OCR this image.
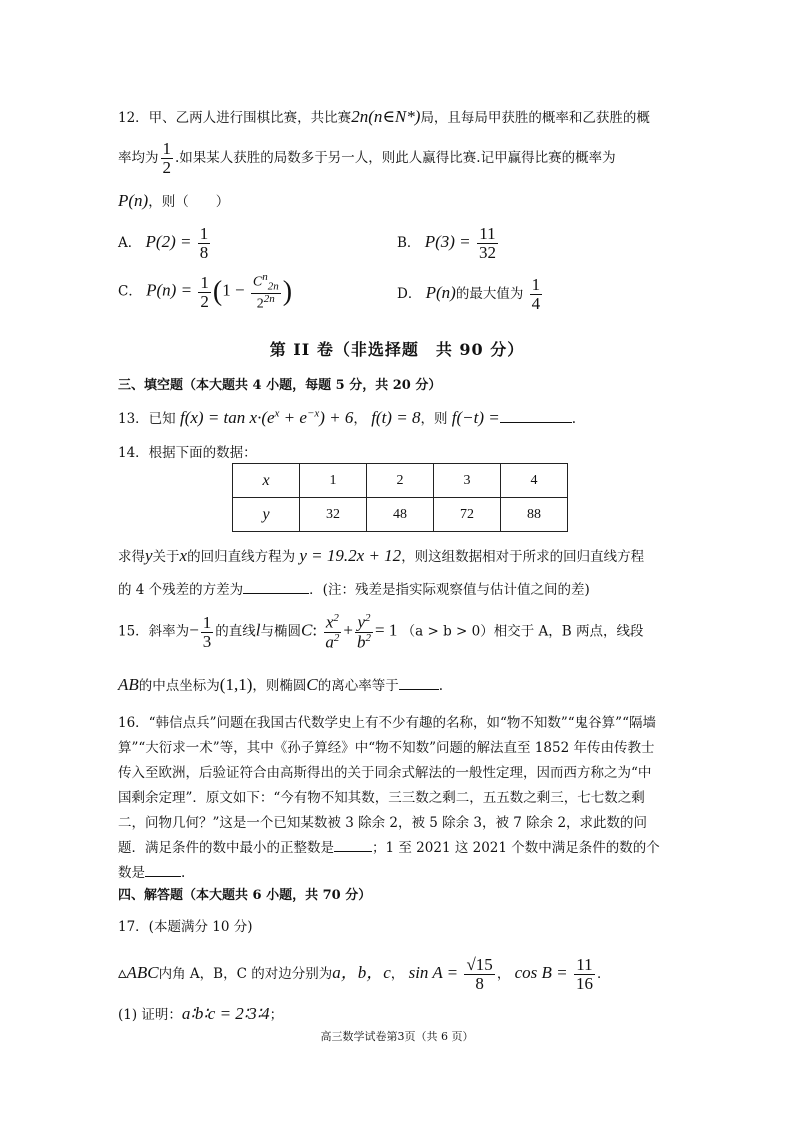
12．甲、乙两人进行围棋比赛，共比赛2n(n∈N*)局，且每局甲获胜的概率和乙获胜的概
率均为 $\frac{1}{2}$ .如果某人获胜的局数多于另一人，则此人赢得比赛.记甲赢得比赛的概率为
P(n)，则（　　）
A． $P(2) = \frac{1}{8}$	B． $P(3) = \frac{11}{32}$
C． $P(n) = \frac{1}{2} (1 - \frac{C^n_{2n}}{2^{2n}}$ )	D． P(n)的最大值为 $\frac{1}{4}$
第 II 卷（非选择题　共 90 分）
三、填空题（本大题共 4 小题，每题 5 分，共 20 分）
13．已知 $f(x) = \tan x\cdot(e^x + e^{-x}) + 6$， f(t) = 8，则 f(−t) =	.
14．根据下面的数据：
x	1	2	3	4
y	32	48	72	88
求得y关于x的回归直线方程为 y = 19.2x + 12，则这组数据相对于所求的回归直线方程
的 4 个残差的方差为	．(注：残差是指实际观察值与估计值之间的差)
15．斜率为− $\frac{1}{3}$ 的直线l与椭圆C: $\frac{x^2}{a^2} + \frac{y^2}{b^2} = 1$ （a > b > 0）相交于 A，B 两点，线段
AB的中点坐标为(1,1)，则椭圆C的离心率等于	.
16．“韩信点兵”问题在我国古代数学史上有不少有趣的名称，如“物不知数”“鬼谷算”“隔墙
算”“大衍求一术”等，其中《孙子算经》中“物不知数”问题的解法直至 1852 年传由传教士
传入至欧洲，后验证符合由高斯得出的关于同余式解法的一般性定理，因而西方称之为“中
国剩余定理”．原文如下：“今有物不知其数，三三数之剩二，五五数之剩三，七七数之剩
二，问物几何？”这是一个已知某数被 3 除余 2，被 5 除余 3，被 7 除余 2，求此数的问
题．满足条件的数中最小的正整数是	；1 至 2021 这 2021 个数中满足条件的数的个
数是	.
四、解答题（本大题共 6 小题，共 70 分）
17．(本题满分 10 分)
▵ABC内角 A，B，C 的对边分别为a，b，c， $\sin A = \frac{√15}{8}$ ， $\cos B = \frac{11}{16}$ ．
(1) 证明：a∶b∶c = 2∶3∶4；
高三数学试卷第3页（共 6 页）
